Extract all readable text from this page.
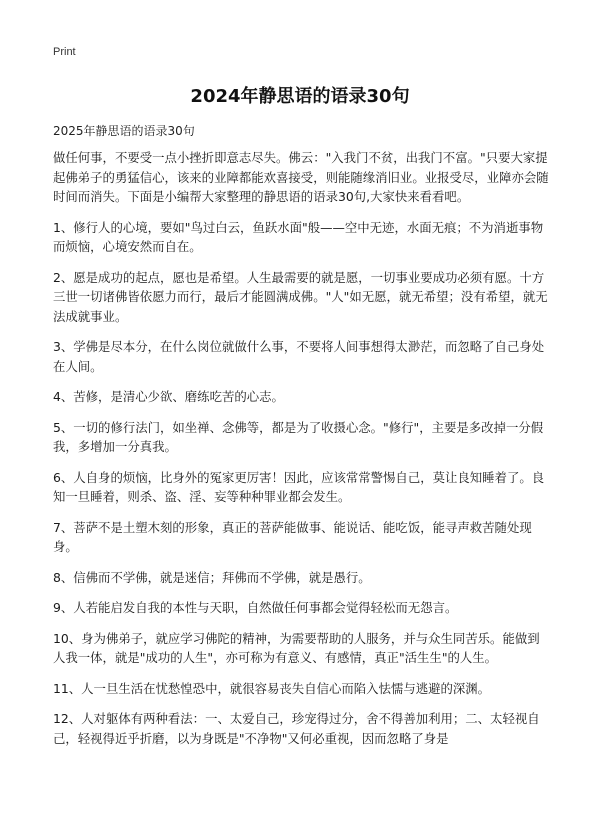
Print
2024年静思语的语录30句
2025年静思语的语录30句

做任何事，不要受一点小挫折即意志尽失。佛云："入我门不贫，出我门不富。"只要大家提起佛弟子的勇猛信心，该来的业障都能欢喜接受，则能随缘消旧业。业报受尽，业障亦会随时间而消失。下面是小编帮大家整理的静思语的语录30句,大家快来看看吧。

1、修行人的心境，要如"鸟过白云，鱼跃水面"般——空中无迹，水面无痕；不为消逝事物而烦恼，心境安然而自在。

2、愿是成功的起点，愿也是希望。人生最需要的就是愿，一切事业要成功必须有愿。十方三世一切诸佛皆依愿力而行，最后才能圆满成佛。"人"如无愿，就无希望；没有希望，就无法成就事业。

3、学佛是尽本分，在什么岗位就做什么事，不要将人间事想得太渺茫，而忽略了自己身处在人间。

4、苦修，是清心少欲、磨练吃苦的心志。

5、一切的修行法门，如坐禅、念佛等，都是为了收摄心念。"修行"，主要是多改掉一分假我，多增加一分真我。

6、人自身的烦恼，比身外的冤家更厉害！因此，应该常常警惕自己，莫让良知睡着了。良知一旦睡着，则杀、盗、淫、妄等种种罪业都会发生。

7、菩萨不是土塑木刻的形象，真正的菩萨能做事、能说话、能吃饭，能寻声救苦随处现身。

8、信佛而不学佛，就是迷信；拜佛而不学佛，就是愚行。

9、人若能启发自我的本性与天职，自然做任何事都会觉得轻松而无怨言。

10、身为佛弟子，就应学习佛陀的精神，为需要帮助的人服务，并与众生同苦乐。能做到人我一体，就是"成功的人生"，亦可称为有意义、有感情，真正"活生生"的人生。

11、人一旦生活在忧愁惶恐中，就很容易丧失自信心而陷入怯懦与逃避的深渊。

12、人对躯体有两种看法：一、太爱自己，珍宠得过分，舍不得善加利用；二、太轻视自己，轻视得近乎折磨，以为身既是"不净物"又何必重视，因而忽略了身是
